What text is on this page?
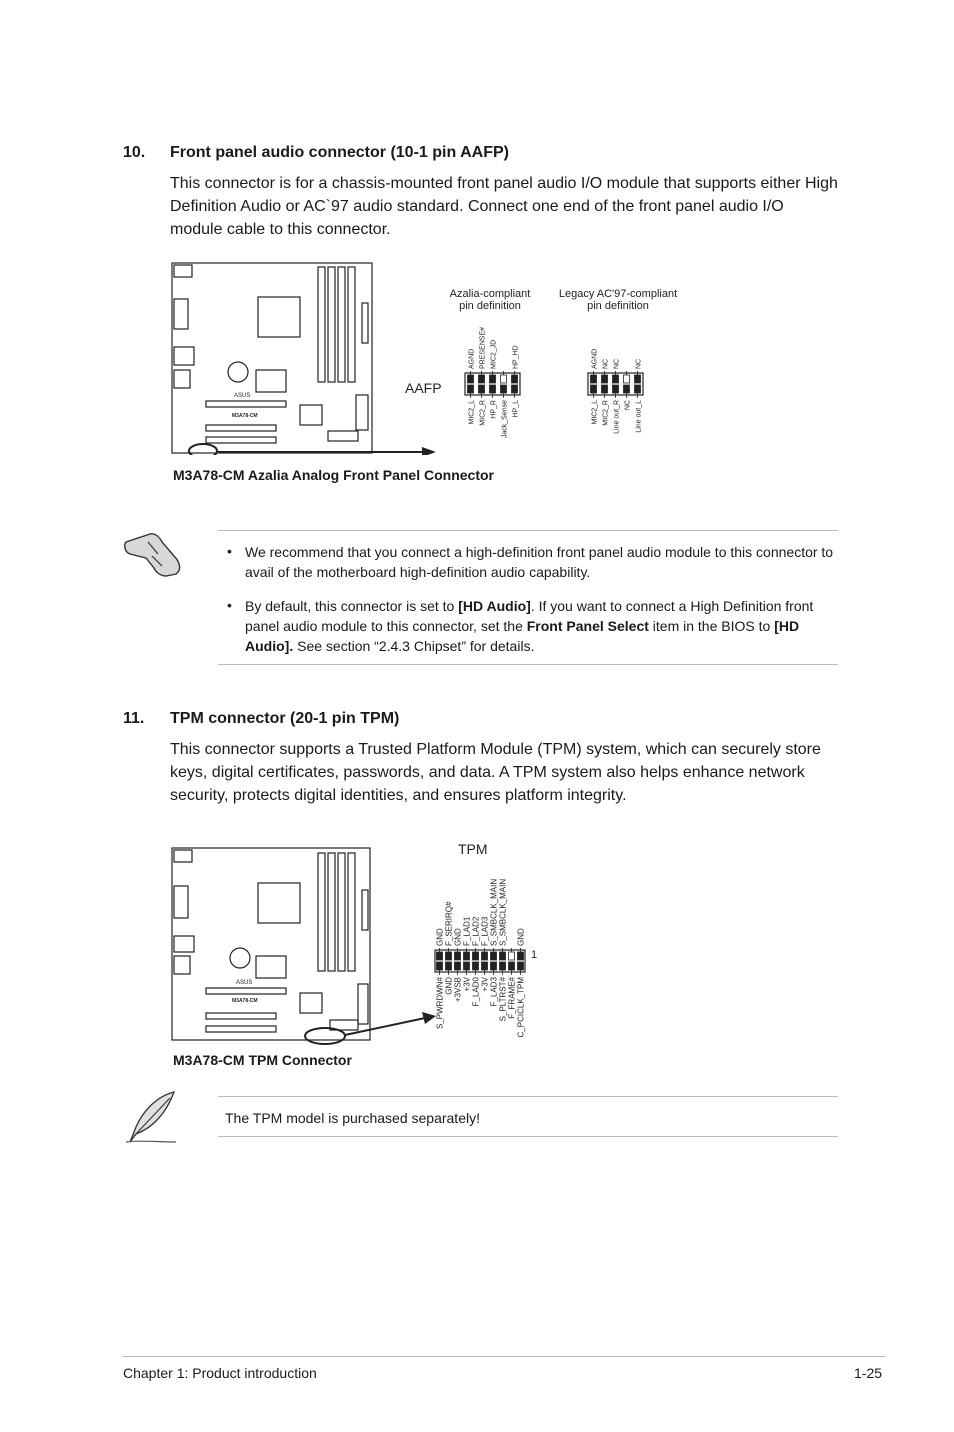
10. Front panel audio connector (10-1 pin AAFP)
This connector is for a chassis-mounted front panel audio I/O module that supports either High Definition Audio or AC`97 audio standard. Connect one end of the front panel audio I/O module cable to this connector.
ASUS
M3A78-CM
AAFP
Azalia-compliant
pin definition
Legacy AC'97-compliant
pin definition
AGND
MIC2_L
PRESENSE#
MIC2_R
MIC2_JD
HP_R Jack_Sense
HP_HD
HP_L
AGND
MIC2_L
NC
MIC2_R
NC
Line out_R NC
NC
Line out_L
M3A78-CM Azalia Analog Front Panel Connector
• We recommend that you connect a high-definition front panel audio module to this connector to avail of the motherboard high-definition audio capability.
• By default, this connector is set to [HD Audio]. If you want to connect a High Definition front panel audio module to this connector, set the Front Panel Select item in the BIOS to [HD Audio]. See section “2.4.3 Chipset” for details.
11. TPM connector (20-1 pin TPM)
This connector supports a Trusted Platform Module (TPM) system, which can securely store keys, digital certificates, passwords, and data. A TPM system also helps enhance network security, protects digital identities, and ensures platform integrity.
ASUS
M3A78-CM
TPM
1
GND
S_PWRDWN#
F_SERIRQ#
GND
GND
+3VSB
F_LAD1
+3V
F_LAD2
F_LAD0
F_LAD3
+3V
S_SMBCLK_MAIN
F_LAD3
S_SMBCLK_MAIN
S_PLTRST# F_FRAME#
GND
C_PCICLK_TPM
M3A78-CM TPM Connector
The TPM model is purchased separately!
Chapter 1: Product introduction	1-25
